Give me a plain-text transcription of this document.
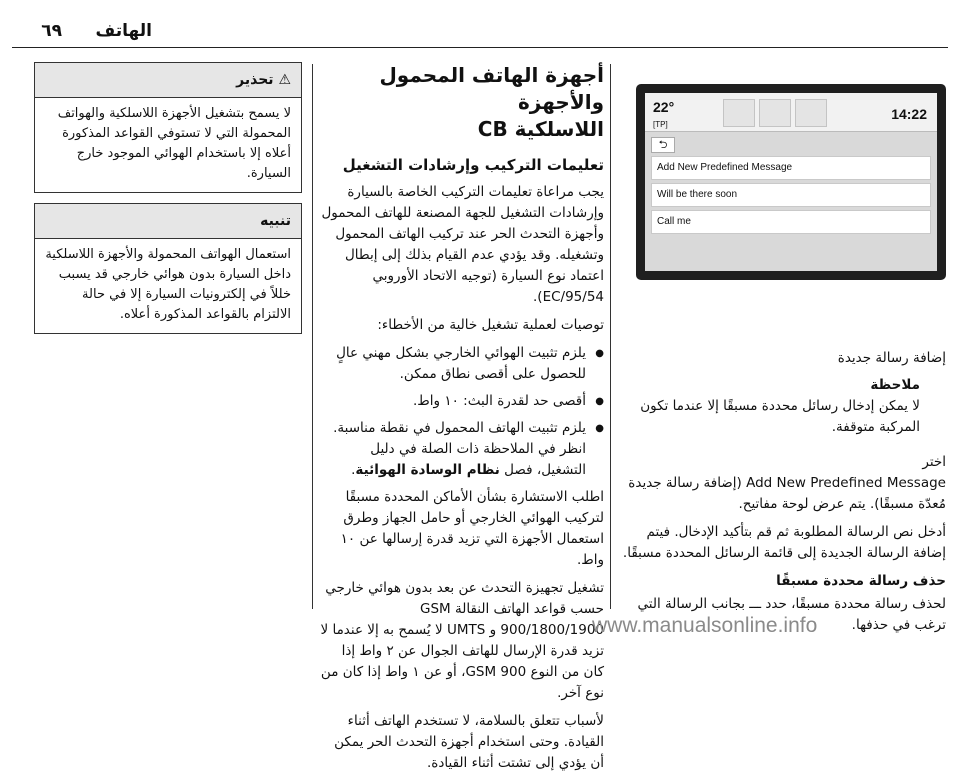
الهاتف
٦٩
22°
[TP]
14:22
⮌
Add New Predefined Message
Will be there soon
Call me
إضافة رسالة جديدة

ملاحظة

لا يمكن إدخال رسائل محددة مسبقًا إلا عندما تكون المركبة متوقفة.

اختر

Add New Predefined Message (إضافة رسالة جديدة مُعدّة مسبقًا). يتم عرض لوحة مفاتيح.

أدخل نص الرسالة المطلوبة ثم قم بتأكيد الإدخال. فيتم إضافة الرسالة الجديدة إلى قائمة الرسائل المحددة مسبقًا.

حذف رسالة محددة مسبقًا

لحذف رسالة محددة مسبقًا، حدد ـــ بجانب الرسالة التي ترغب في حذفها.

أجهزة الهاتف المحمول والأجهزة
اللاسلكية CB
تعليمات التركيب وإرشادات التشغيل

يجب مراعاة تعليمات التركيب الخاصة بالسيارة وإرشادات التشغيل للجهة المصنعة للهاتف المحمول وأجهزة التحدث الحر عند تركيب الهاتف المحمول وتشغيله. وقد يؤدي عدم القيام بذلك إلى إبطال اعتماد نوع السيارة (توجيه الاتحاد الأوروبي 95/54/EC).

توصيات لعملية تشغيل خالية من الأخطاء:

● يلزم تثبيت الهوائي الخارجي بشكل مهني عالٍ للحصول على أقصى نطاق ممكن.
● أقصى حد لقدرة البث: ١٠ واط.
● يلزم تثبيت الهاتف المحمول في نقطة مناسبة. انظر في الملاحظة ذات الصلة في دليل التشغيل، فصل نظام الوسادة الهوائية.

اطلب الاستشارة بشأن الأماكن المحددة مسبقًا لتركيب الهوائي الخارجي أو حامل الجهاز وطرق استعمال الأجهزة التي تزيد قدرة إرسالها عن ١٠ واط.

تشغيل تجهيزة التحدث عن بعد بدون هوائي خارجي حسب قواعد الهاتف النقالة GSM 900/1800/1900 و UMTS لا يُسمح به إلا عندما لا تزيد قدرة الإرسال للهاتف الجوال عن ٢ واط إذا كان من النوع GSM 900، أو عن ١ واط إذا كان من نوع آخر.

لأسباب تتعلق بالسلامة، لا تستخدم الهاتف أثناء القيادة. وحتى استخدام أجهزة التحدث الحر يمكن أن يؤدي إلى تشتت أثناء القيادة.

⚠ تحذير
لا يسمح بتشغيل الأجهزة اللاسلكية والهواتف المحمولة التي لا تستوفي القواعد المذكورة أعلاه إلا باستخدام الهوائي الموجود خارج السيارة.
تنبيه
استعمال الهواتف المحمولة والأجهزة اللاسلكية داخل السيارة بدون هوائي خارجي قد يسبب خللاً في إلكترونيات السيارة إلا في حالة الالتزام بالقواعد المذكورة أعلاه.
www.manualsonline.info
